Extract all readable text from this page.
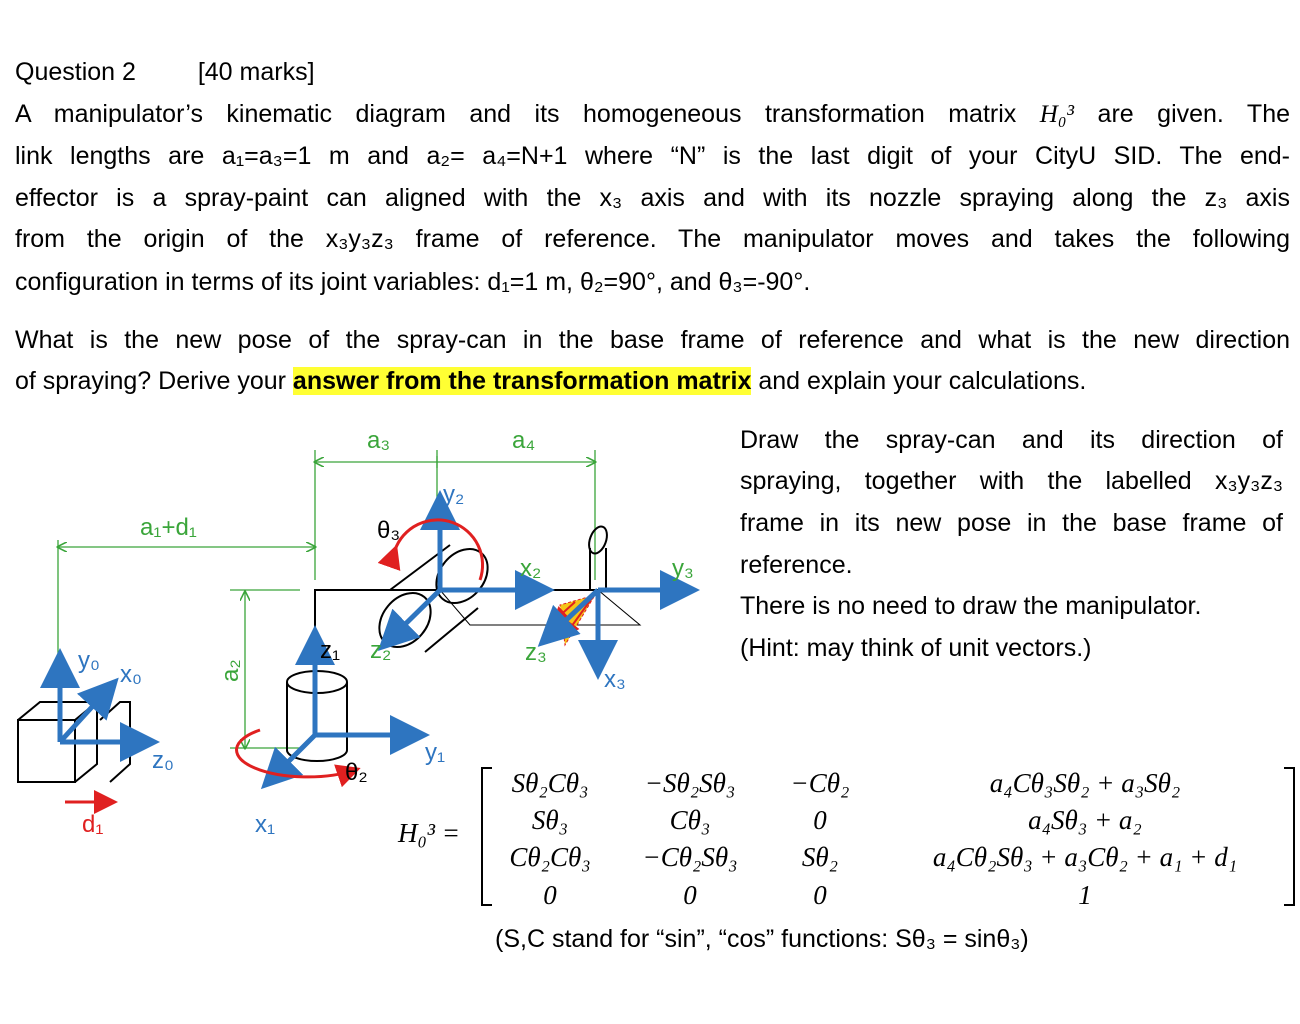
Question 2 [40 marks]
A manipulator’s kinematic diagram and its homogeneous transformation matrix H₀³ are given. The
link lengths are a₁=a₃=1 m and a₂= a₄=N+1 where “N” is the last digit of your CityU SID. The end-
effector is a spray-paint can aligned with the x₃ axis and with its nozzle spraying along the z₃ axis
from the origin of the x₃y₃z₃ frame of reference. The manipulator moves and takes the following
configuration in terms of its joint variables: d₁=1 m, θ₂=90°, and θ₃=-90°.
What is the new pose of the spray-can in the base frame of reference and what is the new direction
of spraying? Derive your answer from the transformation matrix and explain your calculations.
a₃	a₄
a₁+d₁
a₂
y₂
θ₃
x₂	y₃
z₁ z₂	z₃
x₃
y₀
x₀
z₀	y₁
θ₂
d₁	x₁
Draw the spray-can and its direction of
spraying, together with the labelled x₃y₃z₃
frame in its new pose in the base frame of
reference.
There is no need to draw the manipulator.
(Hint: may think of unit vectors.)
H₀³ =
Sθ₂Cθ₃ −Sθ₂Sθ₃ −Cθ₂	a₄Cθ₃Sθ₂ + a₃Sθ₂
Sθ₃	Cθ₃	0	a₄Sθ₃ + a₂
Cθ₂Cθ₃ −Cθ₂Sθ₃ Sθ₂	a₄Cθ₂Sθ₃ + a₃Cθ₂ + a₁ + d₁
0	0	0	1
(S,C stand for “sin”, “cos” functions: Sθ₃ = sinθ₃)
